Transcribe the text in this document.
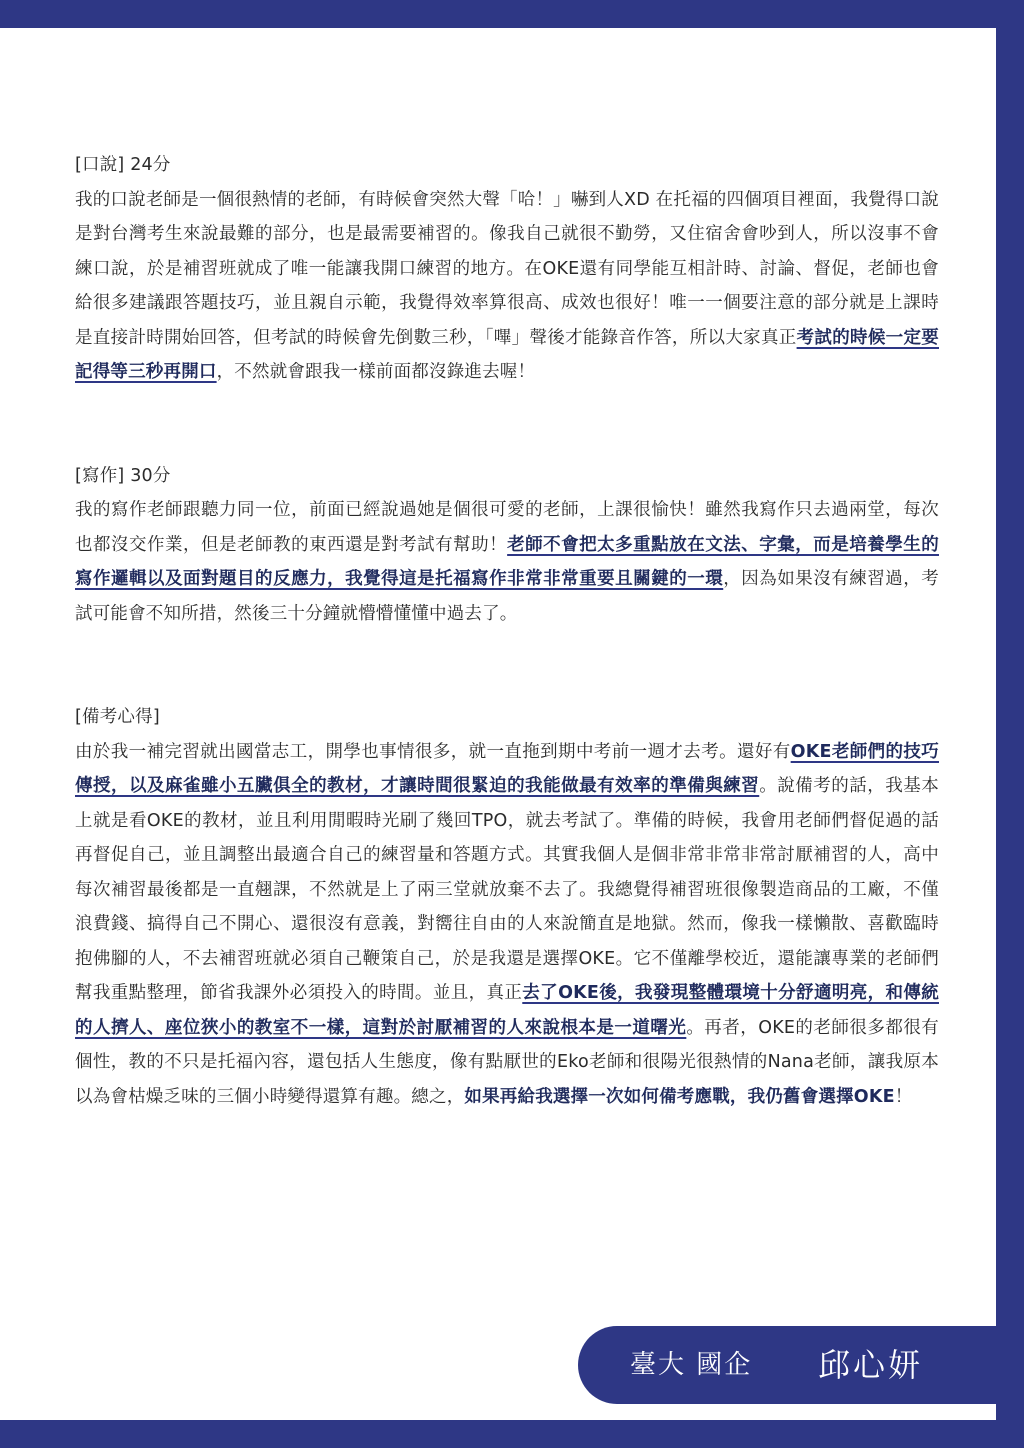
[口說] 24分

我的口說老師是一個很熱情的老師，有時候會突然大聲「哈！」嚇到人XD 在托福的四個項目裡面，我覺得口說是對台灣考生來說最難的部分，也是最需要補習的。像我自己就很不勤勞，又住宿舍會吵到人，所以沒事不會練口說，於是補習班就成了唯一能讓我開口練習的地方。在OKE還有同學能互相計時、討論、督促，老師也會給很多建議跟答題技巧，並且親自示範，我覺得效率算很高、成效也很好！唯一一個要注意的部分就是上課時是直接計時開始回答，但考試的時候會先倒數三秒，「嗶」聲後才能錄音作答，所以大家真正考試的時候一定要記得等三秒再開口，不然就會跟我一樣前面都沒錄進去喔！

[寫作] 30分

我的寫作老師跟聽力同一位，前面已經說過她是個很可愛的老師，上課很愉快！雖然我寫作只去過兩堂，每次也都沒交作業，但是老師教的東西還是對考試有幫助！老師不會把太多重點放在文法、字彙，而是培養學生的寫作邏輯以及面對題目的反應力，我覺得這是托福寫作非常非常重要且關鍵的一環，因為如果沒有練習過，考試可能會不知所措，然後三十分鐘就懵懵懂懂中過去了。

[備考心得]

由於我一補完習就出國當志工，開學也事情很多，就一直拖到期中考前一週才去考。還好有OKE老師們的技巧傳授，以及麻雀雖小五臟俱全的教材，才讓時間很緊迫的我能做最有效率的準備與練習。說備考的話，我基本上就是看OKE的教材，並且利用閒暇時光刷了幾回TPO，就去考試了。準備的時候，我會用老師們督促過的話再督促自己，並且調整出最適合自己的練習量和答題方式。其實我個人是個非常非常非常討厭補習的人，高中每次補習最後都是一直翹課，不然就是上了兩三堂就放棄不去了。我總覺得補習班很像製造商品的工廠，不僅浪費錢、搞得自己不開心、還很沒有意義，對嚮往自由的人來說簡直是地獄。然而，像我一樣懶散、喜歡臨時抱佛腳的人，不去補習班就必須自己鞭策自己，於是我還是選擇OKE。它不僅離學校近，還能讓專業的老師們幫我重點整理，節省我課外必須投入的時間。並且，真正去了OKE後，我發現整體環境十分舒適明亮，和傳統的人擠人、座位狹小的教室不一樣，這對於討厭補習的人來說根本是一道曙光。再者，OKE的老師很多都很有個性，教的不只是托福內容，還包括人生態度，像有點厭世的Eko老師和很陽光很熱情的Nana老師，讓我原本以為會枯燥乏味的三個小時變得還算有趣。總之，如果再給我選擇一次如何備考應戰，我仍舊會選擇OKE！

臺大 國企 邱心妍
